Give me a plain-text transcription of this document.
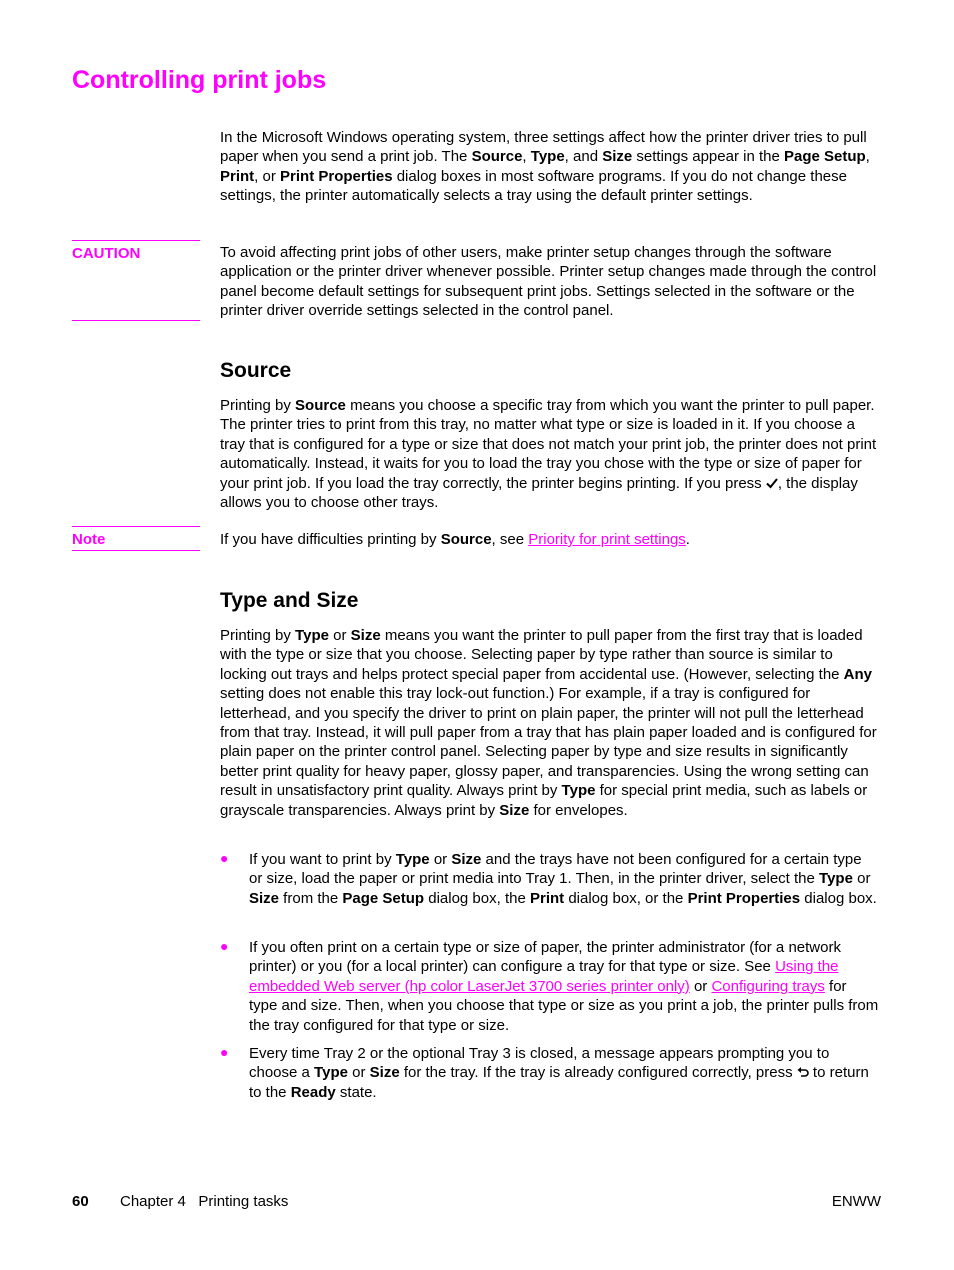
Controlling print jobs

In the Microsoft Windows operating system, three settings affect how the printer driver tries to pull paper when you send a print job. The Source, Type, and Size settings appear in the Page Setup, Print, or Print Properties dialog boxes in most software programs. If you do not change these settings, the printer automatically selects a tray using the default printer settings.

CAUTION	To avoid affecting print jobs of other users, make printer setup changes through the software application or the printer driver whenever possible. Printer setup changes made through the control panel become default settings for subsequent print jobs. Settings selected in the software or the printer driver override settings selected in the control panel.

Source

Printing by Source means you choose a specific tray from which you want the printer to pull paper. The printer tries to print from this tray, no matter what type or size is loaded in it. If you choose a tray that is configured for a type or size that does not match your print job, the printer does not print automatically. Instead, it waits for you to load the tray you chose with the type or size of paper for your print job. If you load the tray correctly, the printer begins printing. If you press , the display allows you to choose other trays.

Note	If you have difficulties printing by Source, see Priority for print settings.

Type and Size

Printing by Type or Size means you want the printer to pull paper from the first tray that is loaded with the type or size that you choose. Selecting paper by type rather than source is similar to locking out trays and helps protect special paper from accidental use. (However, selecting the Any setting does not enable this tray lock-out function.) For example, if a tray is configured for letterhead, and you specify the driver to print on plain paper, the printer will not pull the letterhead from that tray. Instead, it will pull paper from a tray that has plain paper loaded and is configured for plain paper on the printer control panel. Selecting paper by type and size results in significantly better print quality for heavy paper, glossy paper, and transparencies. Using the wrong setting can result in unsatisfactory print quality. Always print by Type for special print media, such as labels or grayscale transparencies. Always print by Size for envelopes.

● If you want to print by Type or Size and the trays have not been configured for a certain type or size, load the paper or print media into Tray 1. Then, in the printer driver, select the Type or Size from the Page Setup dialog box, the Print dialog box, or the Print Properties dialog box.

● If you often print on a certain type or size of paper, the printer administrator (for a network printer) or you (for a local printer) can configure a tray for that type or size. See Using the embedded Web server (hp color LaserJet 3700 series printer only) or Configuring trays for type and size. Then, when you choose that type or size as you print a job, the printer pulls from the tray configured for that type or size.

● Every time Tray 2 or the optional Tray 3 is closed, a message appears prompting you to choose a Type or Size for the tray. If the tray is already configured correctly, press  to return to the Ready state.

60 Chapter 4   Printing tasks	ENWW
